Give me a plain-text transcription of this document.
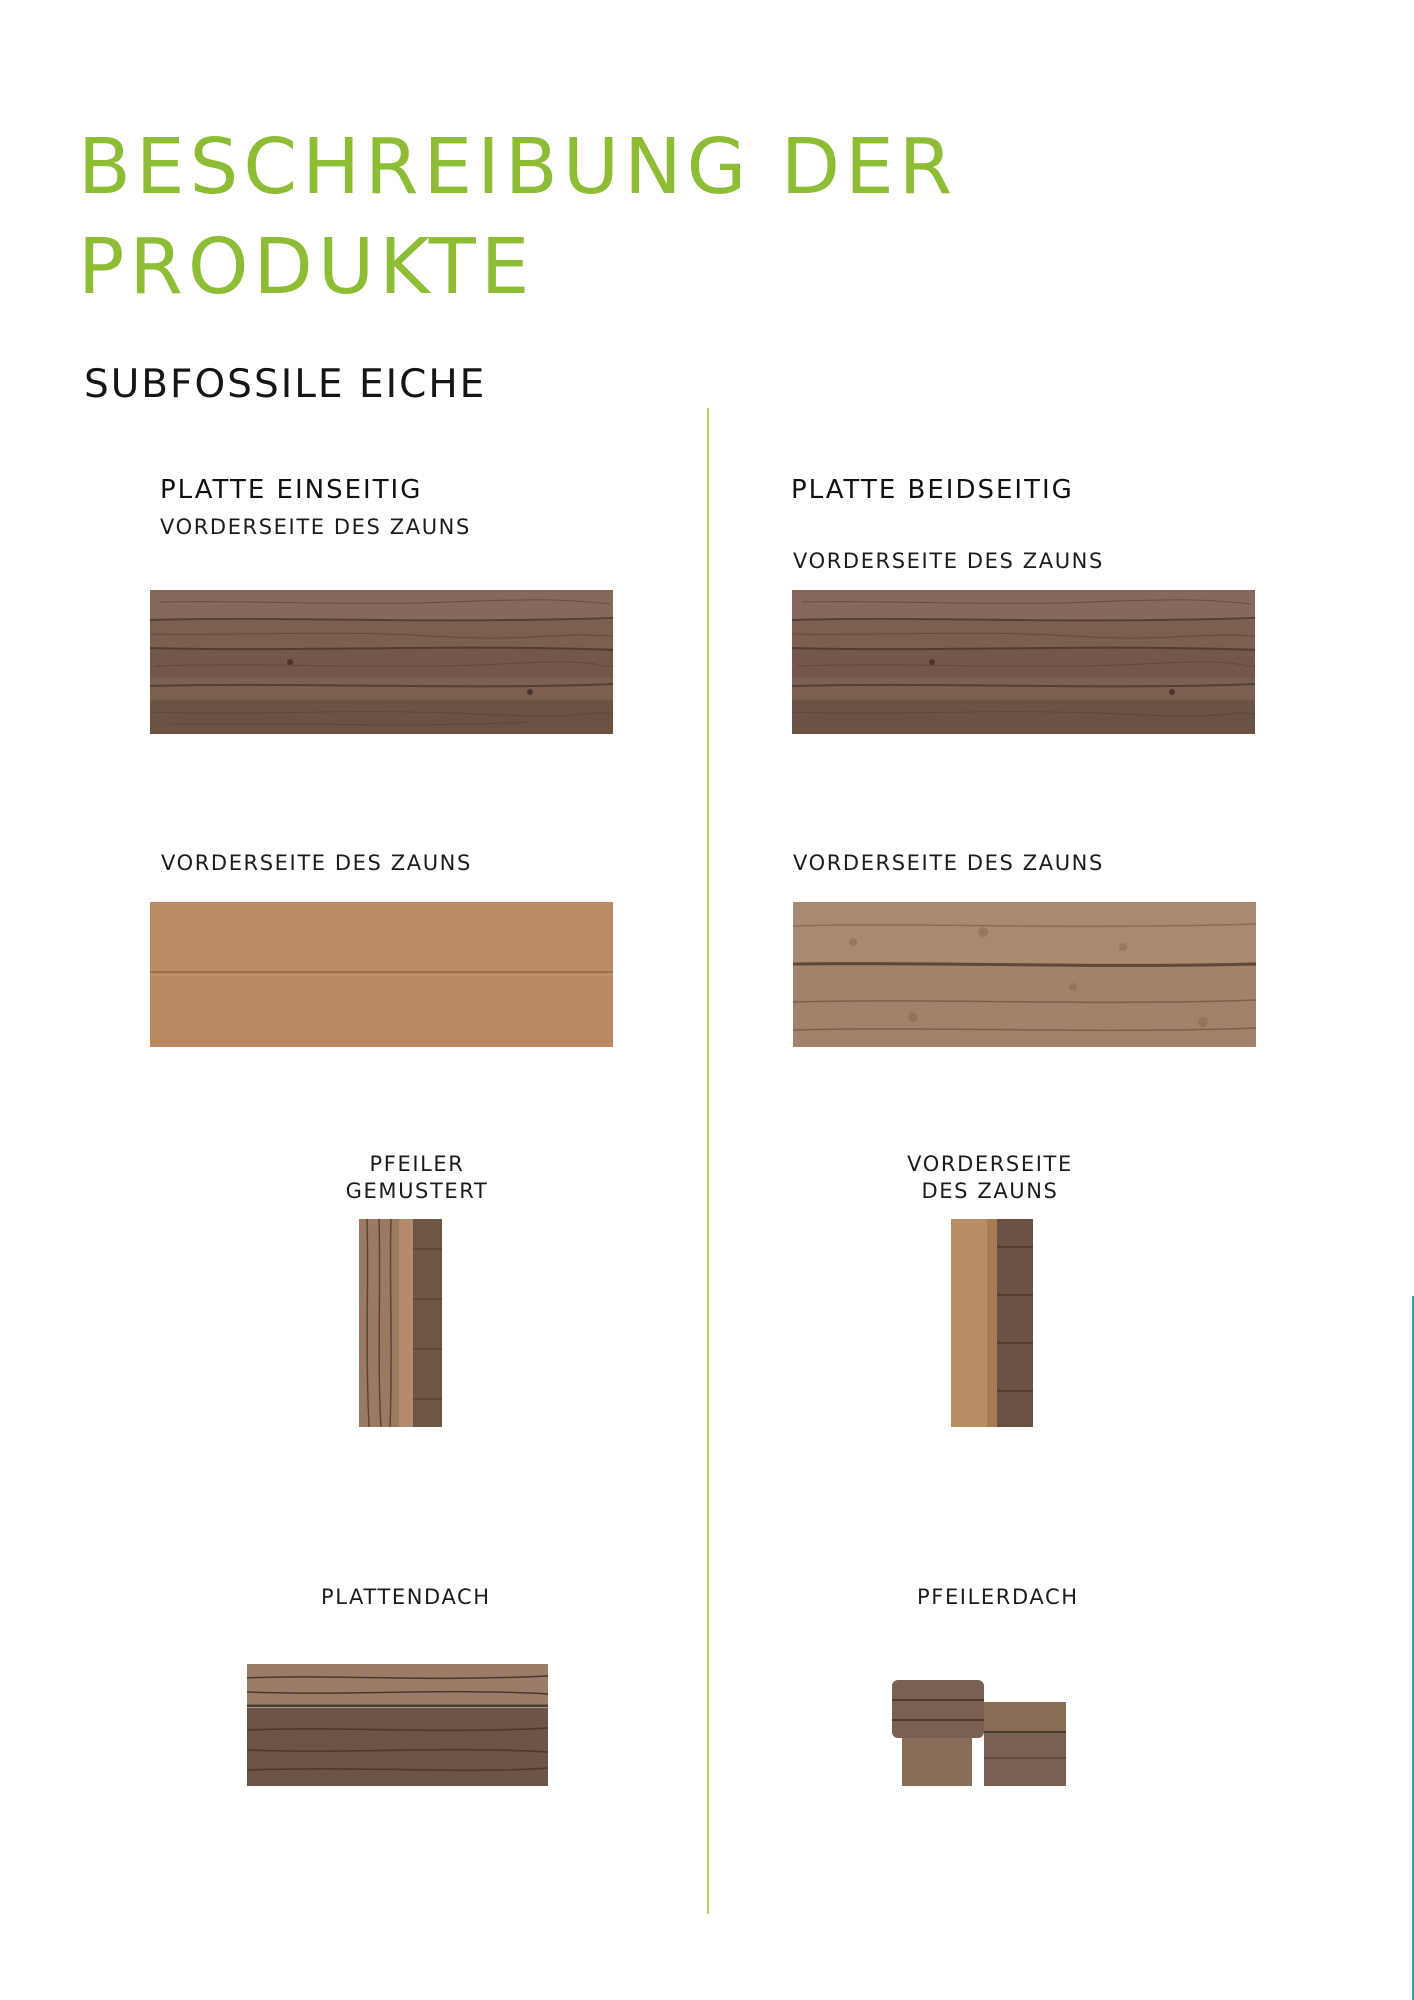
BESCHREIBUNG DER
PRODUKTE
SUBFOSSILE EICHE
PLATTE EINSEITIG
VORDERSEITE DES ZAUNS
VORDERSEITE DES ZAUNS
PFEILER
GEMUSTERT
PLATTENDACH
PLATTE BEIDSEITIG
VORDERSEITE DES ZAUNS
VORDERSEITE DES ZAUNS
VORDERSEITE
DES ZAUNS
PFEILERDACH
